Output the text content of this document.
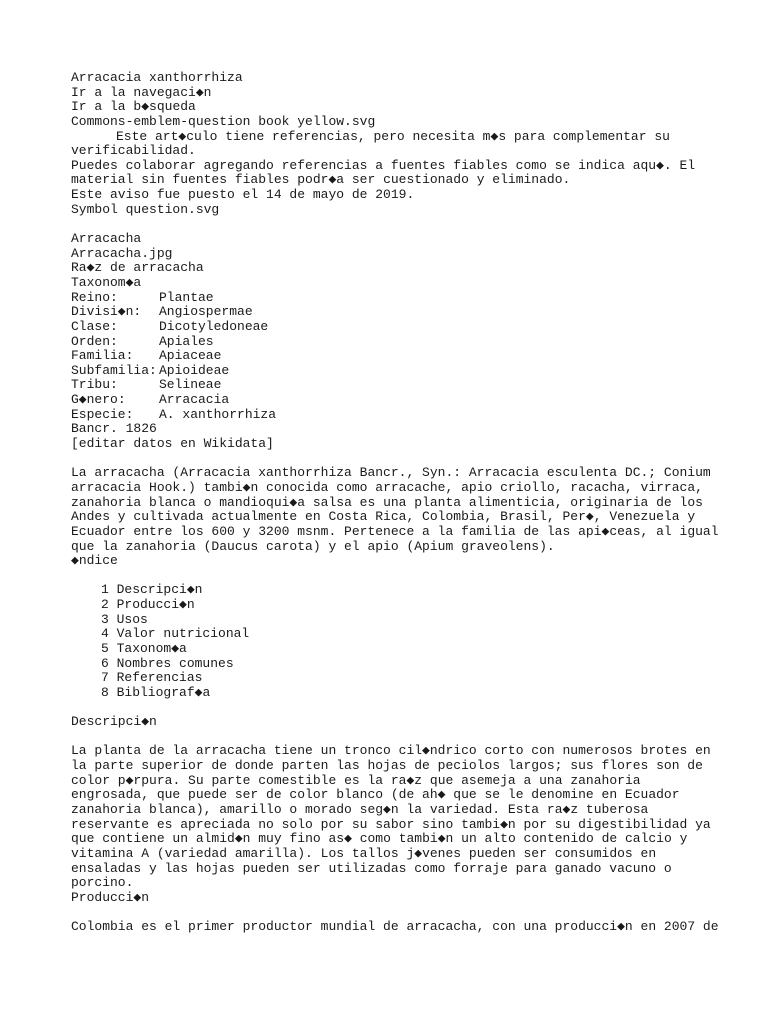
Arracacia xanthorrhiza
Ir a la navegaci◆n
Ir a la b◆squeda
Commons-emblem-question book yellow.svg
Este art◆culo tiene referencias, pero necesita m◆s para complementar su
verificabilidad.
Puedes colaborar agregando referencias a fuentes fiables como se indica aqu◆. El
material sin fuentes fiables podr◆a ser cuestionado y eliminado.
Este aviso fue puesto el 14 de mayo de 2019.
Symbol question.svg
Arracacha
Arracacha.jpg
Ra◆z de arracacha
Taxonom◆a
Reino:	Plantae
Divisi◆n: Angiospermae
Clase:	Dicotyledoneae
Orden:	Apiales
Familia: Apiaceae
Subfamilia: Apioideae
Tribu:	Selineae
G◆nero:	Arracacia
Especie: A. xanthorrhiza
Bancr. 1826
[editar datos en Wikidata]
La arracacha (Arracacia xanthorrhiza Bancr., Syn.: Arracacia esculenta DC.; Conium
arracacia Hook.) tambi◆n conocida como arracache, apio criollo, racacha, virraca,
zanahoria blanca o mandioqui◆a salsa es una planta alimenticia, originaria de los
Andes y cultivada actualmente en Costa Rica, Colombia, Brasil, Per◆, Venezuela y
Ecuador entre los 600 y 3200 msnm. Pertenece a la familia de las api◆ceas, al igual
que la zanahoria (Daucus carota) y el apio (Apium graveolens).
◆ndice
1 Descripci◆n
2 Producci◆n
3 Usos
4 Valor nutricional
5 Taxonom◆a
6 Nombres comunes
7 Referencias
8 Bibliograf◆a
Descripci◆n
La planta de la arracacha tiene un tronco cil◆ndrico corto con numerosos brotes en
la parte superior de donde parten las hojas de peciolos largos; sus flores son de
color p◆rpura. Su parte comestible es la ra◆z que asemeja a una zanahoria
engrosada, que puede ser de color blanco (de ah◆ que se le denomine en Ecuador
zanahoria blanca), amarillo o morado seg◆n la variedad. Esta ra◆z tuberosa
reservante es apreciada no solo por su sabor sino tambi◆n por su digestibilidad ya
que contiene un almid◆n muy fino as◆ como tambi◆n un alto contenido de calcio y
vitamina A (variedad amarilla). Los tallos j◆venes pueden ser consumidos en
ensaladas y las hojas pueden ser utilizadas como forraje para ganado vacuno o
porcino.
Producci◆n
Colombia es el primer productor mundial de arracacha, con una producci◆n en 2007 de
